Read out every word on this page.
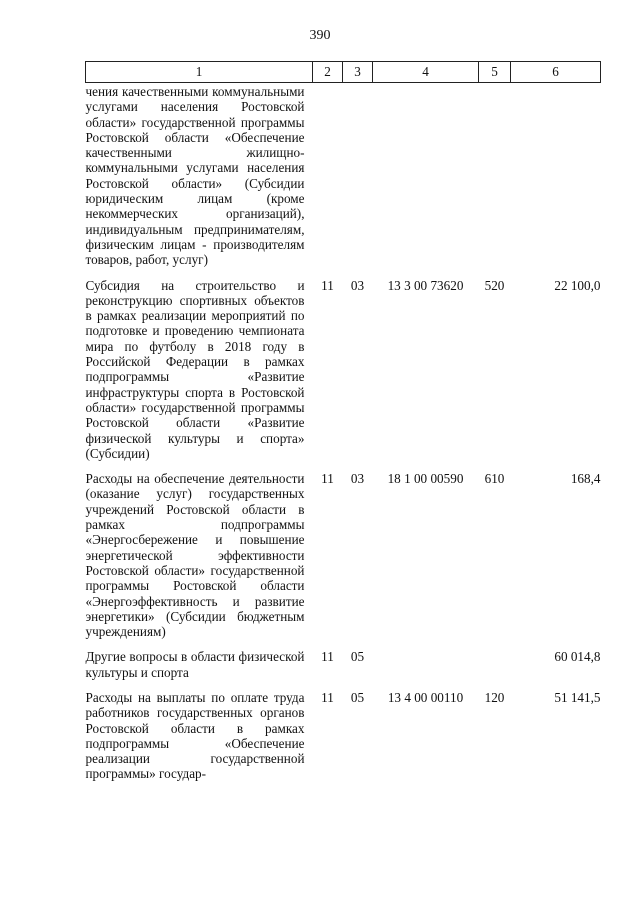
390
1	2	3	4	5	6
чения качественными коммунальными услугами населения Ростовской области» государственной программы Ростовской области «Обеспечение качественными жилищно-коммунальными услугами населения Ростовской области» (Субсидии юридическим лицам (кроме некоммерческих организаций), индивидуальным предпринимателям, физическим лицам - производителям товаров, работ, услуг)					
Субсидия на строительство и реконструкцию спортивных объектов в рамках реализации мероприятий по подготовке и проведению чемпионата мира по футболу в 2018 году в Российской Федерации в рамках подпрограммы «Развитие инфраструктуры спорта в Ростовской области» государственной программы Ростовской области «Развитие физической культуры и спорта» (Субсидии)	11	03	13 3 00 73620	520	22 100,0
Расходы на обеспечение деятельности (оказание услуг) государственных учреждений Ростовской области в рамках подпрограммы «Энергосбережение и повышение энергетической эффективности Ростовской области» государственной программы Ростовской области «Энергоэффективность и развитие энергетики» (Субсидии бюджетным учреждениям)	11	03	18 1 00 00590	610	168,4
Другие вопросы в области физической культуры и спорта	11	05			60 014,8
Расходы на выплаты по оплате труда работников государственных органов Ростовской области в рамках подпрограммы «Обеспечение реализации государственной программы» государ-	11	05	13 4 00 00110	120	51 141,5
